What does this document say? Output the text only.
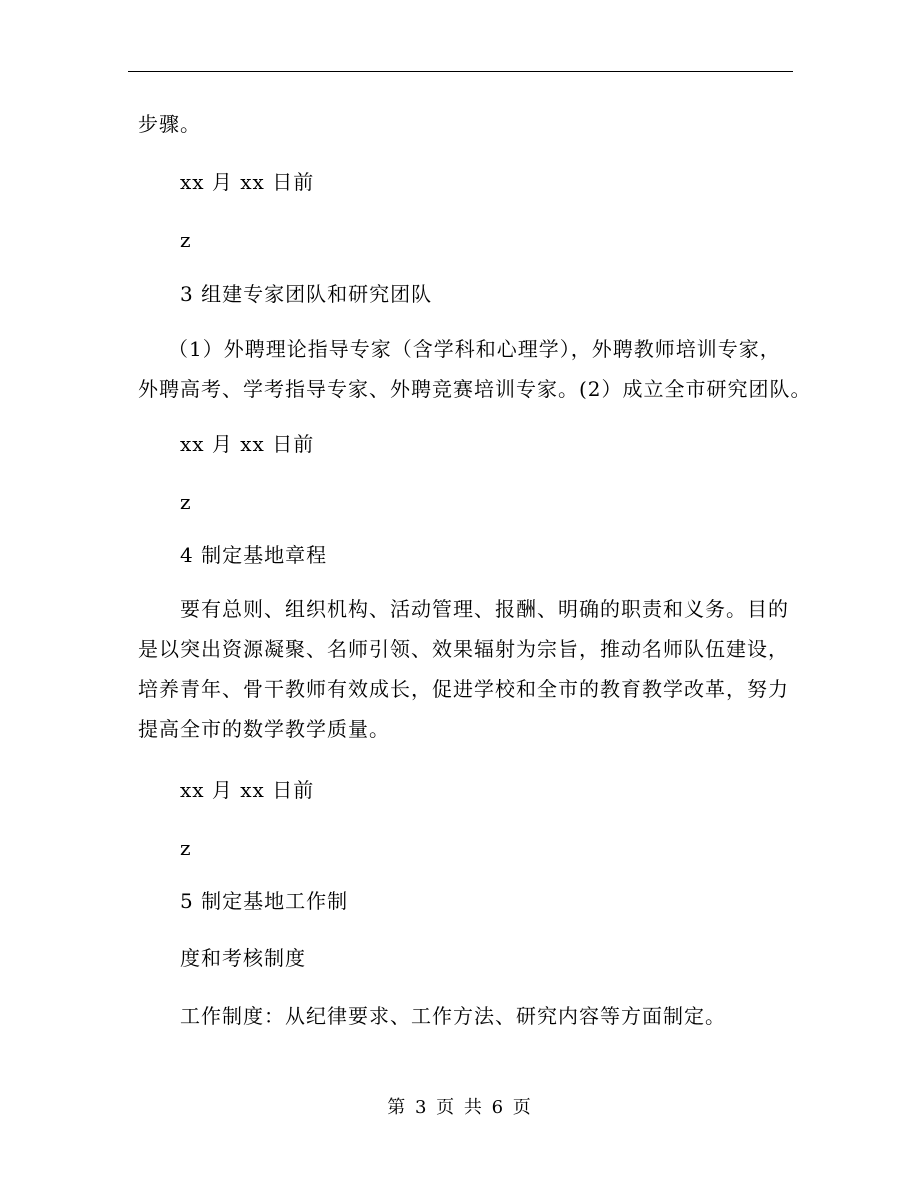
步骤。
xx 月 xx 日前
z
3 组建专家团队和研究团队
（1）外聘理论指导专家（含学科和心理学），外聘教师培训专家，
外聘高考、学考指导专家、外聘竞赛培训专家。(2）成立全市研究团队。
xx 月 xx 日前
z
4 制定基地章程
要有总则、组织机构、活动管理、报酬、明确的职责和义务。目的
是以突出资源凝聚、名师引领、效果辐射为宗旨，推动名师队伍建设，
培养青年、骨干教师有效成长，促进学校和全市的教育教学改革，努力
提高全市的数学教学质量。
xx 月 xx 日前
z
5 制定基地工作制
度和考核制度
工作制度：从纪律要求、工作方法、研究内容等方面制定。
第 3 页 共 6 页
